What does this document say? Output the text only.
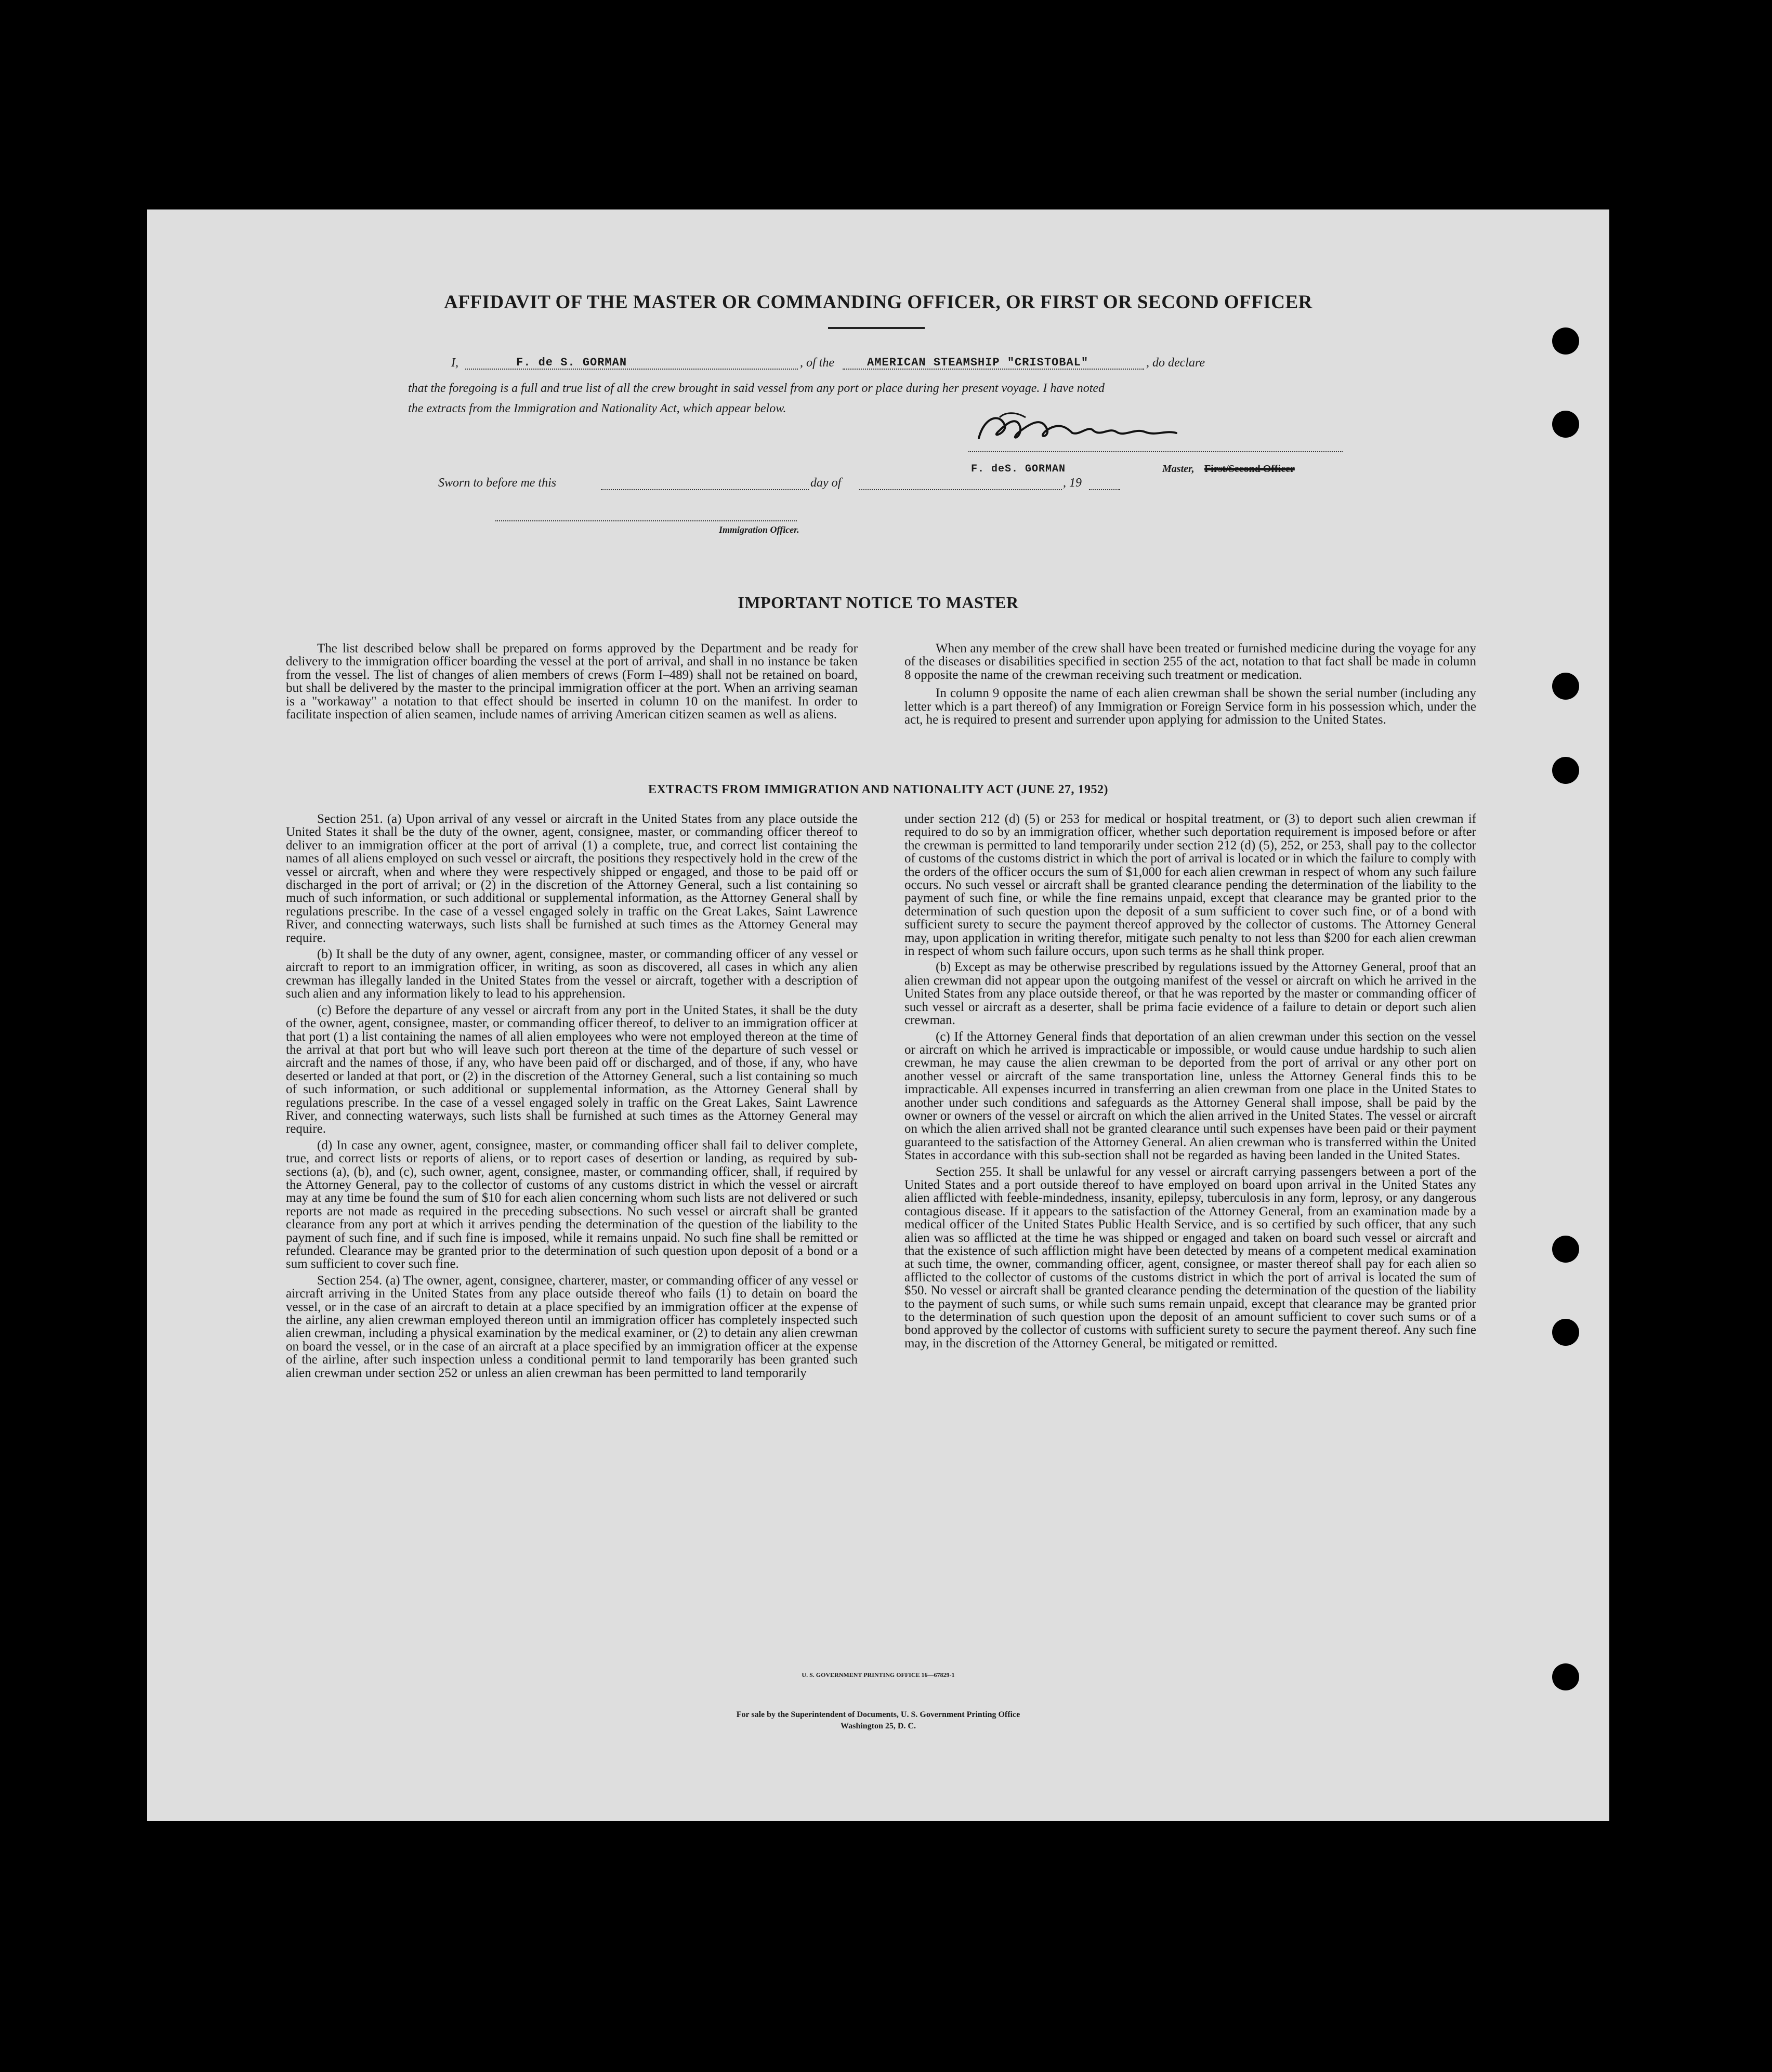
AFFIDAVIT OF THE MASTER OR COMMANDING OFFICER, OR FIRST OR SECOND OFFICER
I,	F. de S. GORMAN	, of the	AMERICAN STEAMSHIP "CRISTOBAL"	, do declare
that the foregoing is a full and true list of all the crew brought in said vessel from any port or place during her present voyage. I have noted
the extracts from the Immigration and Nationality Act, which appear below.
F. deS. GORMAN	Master, First/Second Officer
Sworn to before me this	day of	, 19
Immigration Officer.
IMPORTANT NOTICE TO MASTER

The list described below shall be prepared on forms approved by the Department and be ready for delivery to the immigration officer boarding the vessel at the port of arrival, and shall in no instance be taken from the vessel. The list of changes of alien members of crews (Form I–489) shall not be retained on board, but shall be delivered by the master to the principal immigration officer at the port. When an arriving seaman is a "workaway" a notation to that effect should be inserted in column 10 on the manifest. In order to facilitate inspection of alien seamen, include names of arriving American citizen seamen as well as aliens.

When any member of the crew shall have been treated or furnished medicine during the voyage for any of the diseases or disabilities specified in section 255 of the act, notation to that fact shall be made in column 8 opposite the name of the crewman receiving such treatment or medication.

In column 9 opposite the name of each alien crewman shall be shown the serial number (including any letter which is a part thereof) of any Immigration or Foreign Service form in his possession which, under the act, he is required to present and surrender upon applying for admission to the United States.

EXTRACTS FROM IMMIGRATION AND NATIONALITY ACT (JUNE 27, 1952)

Section 251. (a) Upon arrival of any vessel or aircraft in the United States from any place outside the United States it shall be the duty of the owner, agent, consignee, master, or commanding officer thereof to deliver to an immigration officer at the port of arrival (1) a complete, true, and correct list containing the names of all aliens employed on such vessel or aircraft, the positions they respectively hold in the crew of the vessel or aircraft, when and where they were respectively shipped or engaged, and those to be paid off or discharged in the port of arrival; or (2) in the discretion of the Attorney General, such a list containing so much of such information, or such additional or supplemental information, as the Attorney General shall by regulations prescribe. In the case of a vessel engaged solely in traffic on the Great Lakes, Saint Lawrence River, and connecting waterways, such lists shall be furnished at such times as the Attorney General may require.

(b) It shall be the duty of any owner, agent, consignee, master, or commanding officer of any vessel or aircraft to report to an immigration officer, in writing, as soon as discovered, all cases in which any alien crewman has illegally landed in the United States from the vessel or aircraft, together with a description of such alien and any information likely to lead to his apprehension.

(c) Before the departure of any vessel or aircraft from any port in the United States, it shall be the duty of the owner, agent, consignee, master, or commanding officer thereof, to deliver to an immigration officer at that port (1) a list containing the names of all alien employees who were not employed thereon at the time of the arrival at that port but who will leave such port thereon at the time of the departure of such vessel or aircraft and the names of those, if any, who have been paid off or discharged, and of those, if any, who have deserted or landed at that port, or (2) in the discretion of the Attorney General, such a list containing so much of such information, or such additional or supplemental information, as the Attorney General shall by regulations prescribe. In the case of a vessel engaged solely in traffic on the Great Lakes, Saint Lawrence River, and connecting waterways, such lists shall be furnished at such times as the Attorney General may require.

(d) In case any owner, agent, consignee, master, or commanding officer shall fail to deliver complete, true, and correct lists or reports of aliens, or to report cases of desertion or landing, as required by sub-sections (a), (b), and (c), such owner, agent, consignee, master, or commanding officer, shall, if required by the Attorney General, pay to the collector of customs of any customs district in which the vessel or aircraft may at any time be found the sum of $10 for each alien concerning whom such lists are not delivered or such reports are not made as required in the preceding subsections. No such vessel or aircraft shall be granted clearance from any port at which it arrives pending the determination of the question of the liability to the payment of such fine, and if such fine is imposed, while it remains unpaid. No such fine shall be remitted or refunded. Clearance may be granted prior to the determination of such question upon deposit of a bond or a sum sufficient to cover such fine.

Section 254. (a) The owner, agent, consignee, charterer, master, or commanding officer of any vessel or aircraft arriving in the United States from any place outside thereof who fails (1) to detain on board the vessel, or in the case of an aircraft to detain at a place specified by an immigration officer at the expense of the airline, any alien crewman employed thereon until an immigration officer has completely inspected such alien crewman, including a physical examination by the medical examiner, or (2) to detain any alien crewman on board the vessel, or in the case of an aircraft at a place specified by an immigration officer at the expense of the airline, after such inspection unless a conditional permit to land temporarily has been granted such alien crewman under section 252 or unless an alien crewman has been permitted to land temporarily

under section 212 (d) (5) or 253 for medical or hospital treatment, or (3) to deport such alien crewman if required to do so by an immigration officer, whether such deportation requirement is imposed before or after the crewman is permitted to land temporarily under section 212 (d) (5), 252, or 253, shall pay to the collector of customs of the customs district in which the port of arrival is located or in which the failure to comply with the orders of the officer occurs the sum of $1,000 for each alien crewman in respect of whom any such failure occurs. No such vessel or aircraft shall be granted clearance pending the determination of the liability to the payment of such fine, or while the fine remains unpaid, except that clearance may be granted prior to the determination of such question upon the deposit of a sum sufficient to cover such fine, or of a bond with sufficient surety to secure the payment thereof approved by the collector of customs. The Attorney General may, upon application in writing therefor, mitigate such penalty to not less than $200 for each alien crewman in respect of whom such failure occurs, upon such terms as he shall think proper.

(b) Except as may be otherwise prescribed by regulations issued by the Attorney General, proof that an alien crewman did not appear upon the outgoing manifest of the vessel or aircraft on which he arrived in the United States from any place outside thereof, or that he was reported by the master or commanding officer of such vessel or aircraft as a deserter, shall be prima facie evidence of a failure to detain or deport such alien crewman.

(c) If the Attorney General finds that deportation of an alien crewman under this section on the vessel or aircraft on which he arrived is impracticable or impossible, or would cause undue hardship to such alien crewman, he may cause the alien crewman to be deported from the port of arrival or any other port on another vessel or aircraft of the same transportation line, unless the Attorney General finds this to be impracticable. All expenses incurred in transferring an alien crewman from one place in the United States to another under such conditions and safeguards as the Attorney General shall impose, shall be paid by the owner or owners of the vessel or aircraft on which the alien arrived in the United States. The vessel or aircraft on which the alien arrived shall not be granted clearance until such expenses have been paid or their payment guaranteed to the satisfaction of the Attorney General. An alien crewman who is transferred within the United States in accordance with this sub-section shall not be regarded as having been landed in the United States.

Section 255. It shall be unlawful for any vessel or aircraft carrying passengers between a port of the United States and a port outside thereof to have employed on board upon arrival in the United States any alien afflicted with feeble-mindedness, insanity, epilepsy, tuberculosis in any form, leprosy, or any dangerous contagious disease. If it appears to the satisfaction of the Attorney General, from an examination made by a medical officer of the United States Public Health Service, and is so certified by such officer, that any such alien was so afflicted at the time he was shipped or engaged and taken on board such vessel or aircraft and that the existence of such affliction might have been detected by means of a competent medical examination at such time, the owner, commanding officer, agent, consignee, or master thereof shall pay for each alien so afflicted to the collector of customs of the customs district in which the port of arrival is located the sum of $50. No vessel or aircraft shall be granted clearance pending the determination of the question of the liability to the payment of such sums, or while such sums remain unpaid, except that clearance may be granted prior to the determination of such question upon the deposit of an amount sufficient to cover such sums or of a bond approved by the collector of customs with sufficient surety to secure the payment thereof. Any such fine may, in the discretion of the Attorney General, be mitigated or remitted.

U. S. GOVERNMENT PRINTING OFFICE 16—67829-1
For sale by the Superintendent of Documents, U. S. Government Printing Office
Washington 25, D. C.
